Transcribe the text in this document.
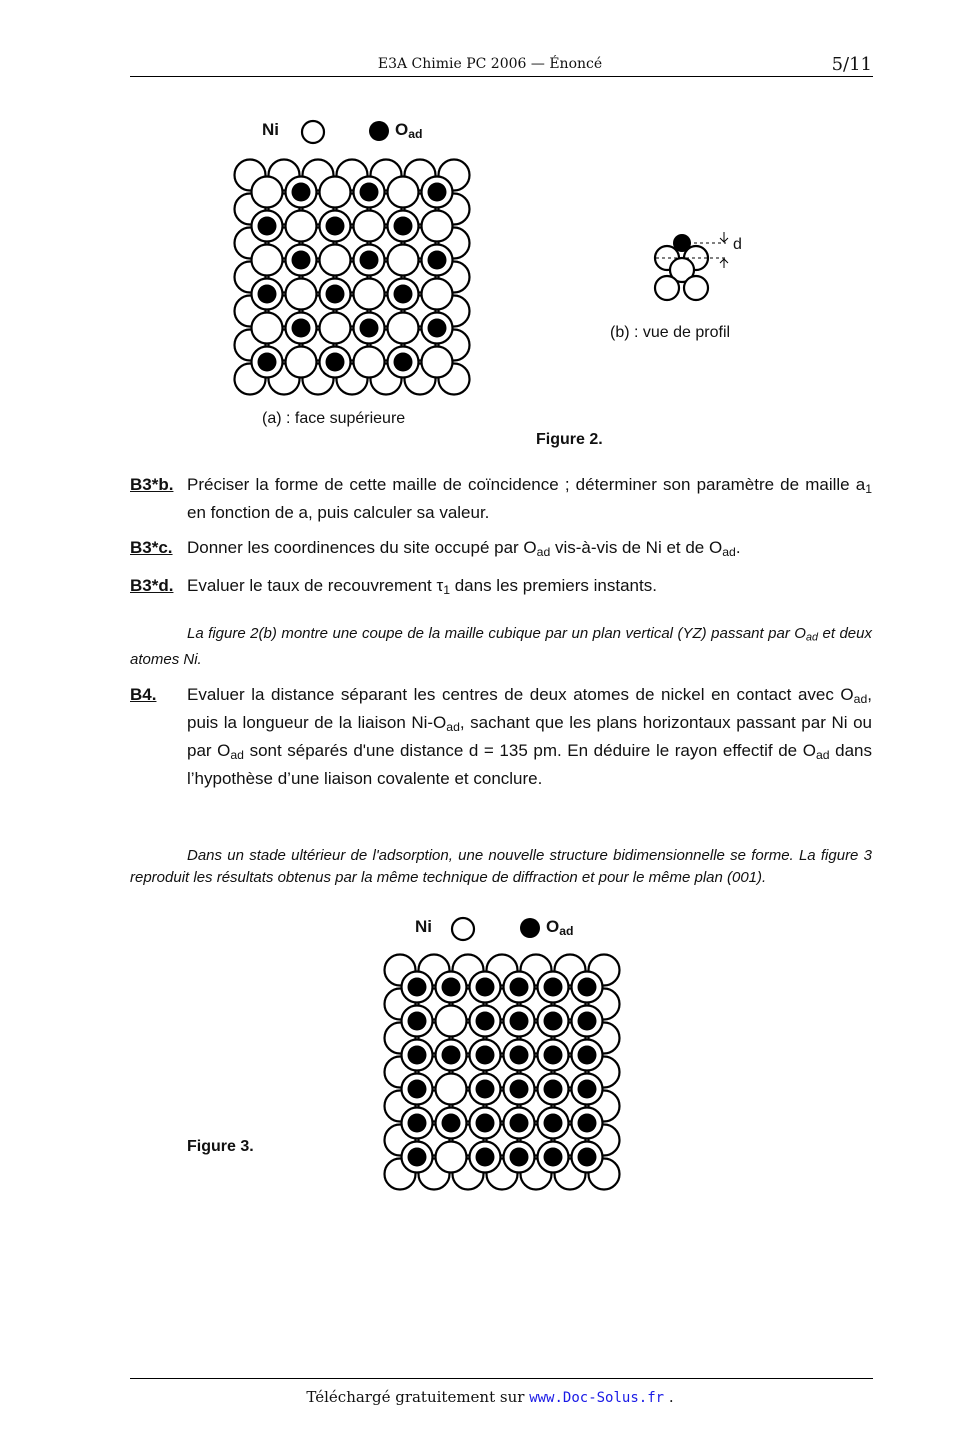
E3A Chimie PC 2006 — Énoncé	5/11
Ni	$O_{ad}$
(a) : face supérieure
d
(b) : vue de profil
Figure 2.
B3*b. Préciser la forme de cette maille de coïncidence ; déterminer son paramètre de maille $a_1$ en fonction de a, puis calculer sa valeur.
B3*c. Donner les coordinences du site occupé par $O_{ad}$ vis-à-vis de Ni et de $O_{ad}$.
B3*d. Evaluer le taux de recouvrement $\tau_1$ dans les premiers instants.
La figure 2(b) montre une coupe de la maille cubique par un plan vertical (YZ) passant par $O_{ad}$ et deux atomes Ni.
B4. Evaluer la distance séparant les centres de deux atomes de nickel en contact avec $O_{ad}$, puis la longueur de la liaison $Ni-O_{ad}$, sachant que les plans horizontaux passant par Ni ou par $O_{ad}$ sont séparés d'une distance d = 135 pm. En déduire le rayon effectif de $O_{ad}$ dans l’hypothèse d’une liaison covalente et conclure.
Dans un stade ultérieur de l'adsorption, une nouvelle structure bidimensionnelle se forme. La figure 3 reproduit les résultats obtenus par la même technique de diffraction et pour le même plan (001).
Ni	$O_{ad}$
Figure 3.
Téléchargé gratuitement sur www.Doc-Solus.fr .
